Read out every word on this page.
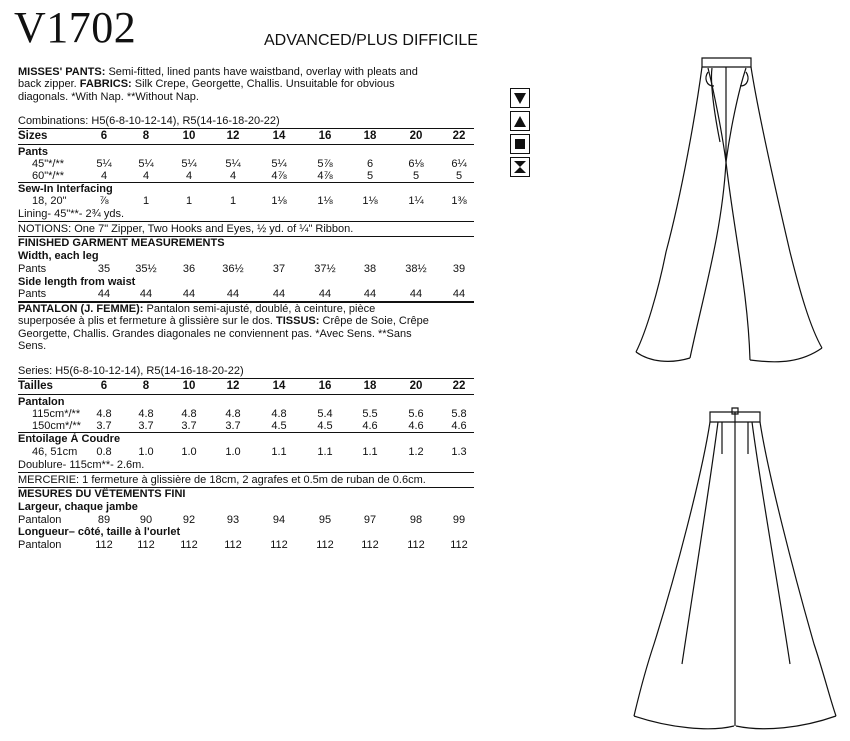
V1702	ADVANCED/PLUS DIFFICILE
MISSES' PANTS: Semi-fitted, lined pants have waistband, overlay with pleats and
back zipper. FABRICS: Silk Crepe, Georgette, Challis. Unsuitable for obvious
diagonals. *With Nap. **Without Nap.
Combinations: H5(6-8-10-12-14), R5(14-16-18-20-22)
Sizes	6	8	10	12	14	16	18	20	22
Pants
45"*/**	5¼	5¼	5¼	5¼	5¼	5⅞	6	6⅛	6¼
60"*/**	4	4	4	4	4⅞	4⅞	5	5	5
Sew-In Interfacing
18, 20"	⅞	1	1	1	1⅛	1⅛	1⅛	1¼	1⅜
Lining- 45"**- 2¾ yds.
NOTIONS: One 7" Zipper, Two Hooks and Eyes, ½ yd. of ¼" Ribbon.
FINISHED GARMENT MEASUREMENTS
Width, each leg
Pants	35	35½	36	36½	37	37½	38	38½	39
Side length from waist
Pants	44	44	44	44	44	44	44	44	44
PANTALON (J. FEMME): Pantalon semi-ajusté, doublé, à ceinture, pièce
superposée à plis et fermeture à glissière sur le dos. TISSUS: Crêpe de Soie, Crêpe
Georgette, Challis. Grandes diagonales ne conviennent pas. *Avec Sens. **Sans
Sens.
Series: H5(6-8-10-12-14), R5(14-16-18-20-22)
Tailles	6	8	10	12	14	16	18	20	22
Pantalon
115cm*/**	4.8	4.8	4.8	4.8	4.8	5.4	5.5	5.6	5.8
150cm*/**	3.7	3.7	3.7	3.7	4.5	4.5	4.6	4.6	4.6
Entoilage À Coudre
46, 51cm	0.8	1.0	1.0	1.0	1.1	1.1	1.1	1.2	1.3
Doublure- 115cm**- 2.6m.
MERCERIE: 1 fermeture à glissière de 18cm, 2 agrafes et 0.5m de ruban de 0.6cm.
MESURES DU VÊTEMENTS FINI
Largeur, chaque jambe
Pantalon	89	90	92	93	94	95	97	98	99
Longueur– côté, taille à l'ourlet
Pantalon	112	112	112	112	112	112	112	112	112
